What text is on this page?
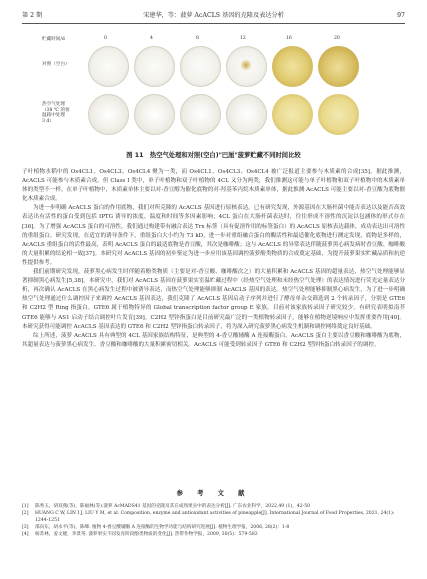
第 2 期	宋建华，等：菠萝 AcACLS 基因的克隆及表达分析	97
贮藏时间/d	0	4	8	12	16	20
对照（空白）
热空气处理
（38 ℃ 的恒
温箱中处理
3 d）
图 11　热空气处理和对照(空白)"巴厘"菠萝贮藏不同时间比较

子叶植物水稻中的 Os4CL1、Os4CL3、Os4CL4 聚为一类，而 Os4CL1、Os4CL3、Os4CL4 被广泛报道主要参与木质素的合成[35]。据此推测，AcACLS 可能参与木质素合成。但 Class I 类中，单子叶植物和双子叶植物的 4CL 又分为两类，我们推测这可能与单子叶植物和双子叶植物中的木质素单体的类型不一样，在单子叶植物中，木质素单体主要以对-香豆醇为催化底物的对-羟基苯丙烷木质素单体，据此推测 AcACLS 可能主要以对-香豆酸为底物催化木质素合成。

为进一步明确 AcACLS 蛋白的作用底物，我们对所克隆的 AcACLS 基因进行原核表达。已有研究发现，外源基因在大肠杆菌中能否表达以及能否高效表达出有活性的蛋白受到包括 IPTG 诱导的浓度、温度和时间等多因素影响；4CL 蛋白在大肠杆菌表达时，往往形成不溶性的沉淀以包涵体的形式存在[36]。为了增强 AcACLS 蛋白的可溶性，我们通过构建带有融合表达 Trx 标签（具有促溶作用的标签蛋白）的 AcACLS 原核表达载体，成功表达出可溶性的重组蛋白。研究发现，在适宜的诱导条件下，重组蛋白大小约为 73 kD，进一步对重组融合蛋白的酶活性和最适催化底物进行测定发现，底物是多样的，AcACLS 重组蛋白的活性最高，表明 AcACLS 蛋白的最适底物是香豆酸，其次是咖啡酸；这与 AcACLS 的异常表达伴随菠萝黑心病发病时香豆酸、咖啡酸的大量积累的结论相一致[37]。本研究对 AcACLS 基因的初步鉴定为进一步应用该基因调控菠萝酚类物质的合成奠定基础，为提升菠萝果实贮藏品质和抗逆性提供参考。

我们前期研究发现，菠萝黑心病发生时伴随着酚类物质（主要是对-香豆酸、咖啡酸次之）的大量积累和 AcACLS 基因的超量表达，热空气处理能够显著抑制黑心病发生[5,38]。本研究中，我们对 AcACLS 基因在菠萝果实室温贮藏过程中（经热空气处理和未经热空气处理）的表达情况进行荧光定量表达分析，再次确认 AcACLS 在黑心病发生过程中被诱导表达，而热空气处理能够抑制 AcACLS 基因的表达。热空气处理能够抑制黑心病发生，为了进一步明确热空气处理通过什么调控因子来调控 AcACLS 基因表达，我们克隆了 AcACLS 基因启动子序列并进行了酵母单杂交筛选到 2 个转录因子，分别是 GTE6 和 C2H2 型 Ring 指蛋白。GTE6 属于植物特异的 Global transcription factor group E 家族，目前对该家族转录因子研究较少。有研究表明拟南芥 GTE6 能够与 AS1 启动子结合调控叶片发育[39]。C2H2 型锌指蛋白是目前研究最广泛的一类植物转录因子，能够在植物逆境响应中发挥重要作用[40]。本研究获得可能调控 AcACLS 基因表达的 GTE6 和 C2H2 型锌指蛋白转录因子，将为深入研究菠萝黑心病发生机制和调控网络奠定良好基础。

综上所述，菠萝 AcACLS 具有典型的 4CL 基因家族结构特征，是典型的 4-香豆酸辅酶 A 连接酶蛋白。AcACLS 蛋白主要以香豆酸和咖啡酸为底物，其超量表达与菠萝黑心病发生、香豆酸和咖啡酸的大量积累密切相关。AcACLS 可能受到转录因子 GTE6 和 C2H2 型锌指蛋白转录因子的调控。

参 考 文 献
[1] 陈秀玉，胡双燕(等)，陈福林(等).菠萝 AcMADS41 基因的克隆及其在成熟果实中的表达分析[J]. 广东农业科学，2022,49 (1)，42-50
[2] HUANG C W, LIN I J, LIU Y M, et al. Composition, enzyme and antioxidant activities of pineapple[J]. International Journal of Food Properties, 2021, 24(1): 1244-1251
[3] 邵向东，胡永平(等)，陈峰. 植物 4-香豆酸辅酶 A 连接酶的生物学功能与结构研究进展[J]. 植物生理学报，2006, 28(2)：1-8
[4] 杨苏林，姜文婕，李景英. 菠萝果实不同发育阶段酚类物质的变化[J]. 热带作物学报，2009, 30(5)：579-583
